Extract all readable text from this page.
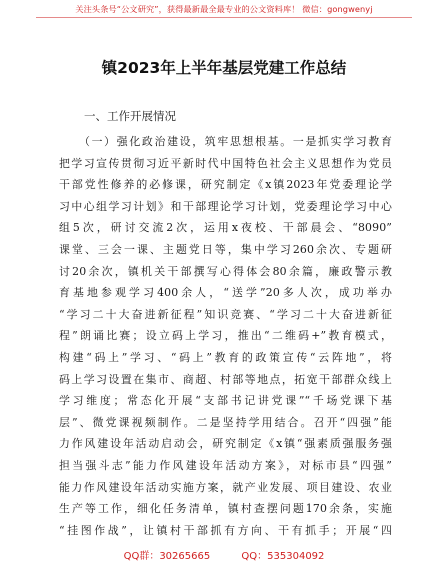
关注头条号“公文研究”，获得最新最全最专业的公文资料库！ 微信：gongwenyj
镇2023年上半年基层党建工作总结
一、工作开展情况
（一）强化政治建设，筑牢思想根基。一是抓实学习教育
把学习宣传贯彻习近平新时代中国特色社会主义思想作为党员
干部党性修养的必修课，研究制定《x镇2023年党委理论学
习中心组学习计划》和干部理论学习计划，党委理论学习中心
组5次，研讨交流2次，运用x夜校、干部晨会、“8090”
课堂、三会一课、主题党日等，集中学习260余次、专题研
讨20余次，镇机关干部撰写心得体会80余篇，廉政警示教
育基地参观学习400余人，“送学”20多人次，成功举办
“学习二十大奋进新征程”知识竞赛、“学习二十大奋进新征
程”朗诵比赛；设立码上学习，推出“二维码+”教育模式，
构建“码上”学习、“码上”教育的政策宣传“云阵地”，将
码上学习设置在集市、商超、村部等地点，拓宽干部群众线上
学习维度；常态化开展“支部书记讲党课”“千场党课下基
层”、微党课视频制作。二是坚持学用结合。召开“四强”能
力作风建设年活动启动会，研究制定《x镇“强素质强服务强
担当强斗志”能力作风建设年活动方案》，对标市县“四强”
能力作风建设年活动实施方案，就产业发展、项目建设、农业
生产等工作，细化任务清单，镇村查摆问题170余条，实施
“挂图作战”，让镇村干部抓有方向、干有抓手；开展“四
QQ群：30265665	QQ：535304092
